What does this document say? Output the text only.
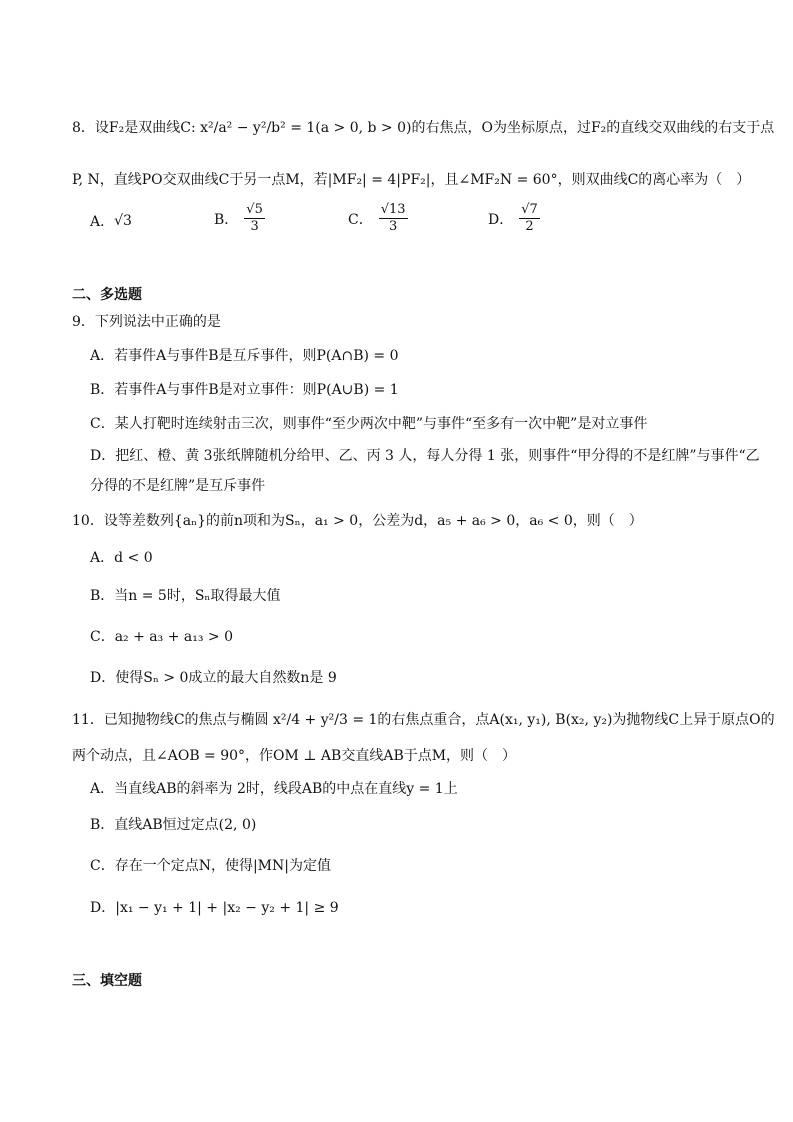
8．设F₂是双曲线C: x²/a² − y²/b² = 1(a > 0, b > 0)的右焦点，O为坐标原点，过F₂的直线交双曲线的右支于点
P, N，直线PO交双曲线C于另一点M，若|MF₂| = 4|PF₂|，且∠MF₂N = 60°，则双曲线C的离心率为（　）
A．√3	B． $\frac{√5}{3}$	C． $\frac{√13}{3}$	D． $\frac{√7}{2}$
二、多选题
9．下列说法中正确的是
A．若事件A与事件B是互斥事件，则P(A∩B) = 0
B．若事件A与事件B是对立事件：则P(A∪B) = 1
C．某人打靶时连续射击三次，则事件“至少两次中靶”与事件“至多有一次中靶”是对立事件
D．把红、橙、黄 3张纸牌随机分给甲、乙、丙 3 人，每人分得 1 张，则事件“甲分得的不是红牌”与事件“乙
分得的不是红牌”是互斥事件
10．设等差数列{aₙ}的前n项和为Sₙ，a₁ > 0，公差为d，a₅ + a₆ > 0，a₆ < 0，则（　）
A．d < 0
B．当n = 5时，Sₙ取得最大值
C．a₂ + a₃ + a₁₃ > 0
D．使得Sₙ > 0成立的最大自然数n是 9
11．已知抛物线C的焦点与椭圆 x²/4 + y²/3 = 1的右焦点重合，点A(x₁, y₁), B(x₂, y₂)为抛物线C上异于原点O的
两个动点，且∠AOB = 90°，作OM ⊥ AB交直线AB于点M，则（　）
A．当直线AB的斜率为 2时，线段AB的中点在直线y = 1上
B．直线AB恒过定点(2, 0)
C．存在一个定点N，使得|MN|为定值
D．|x₁ − y₁ + 1| + |x₂ − y₂ + 1| ≥ 9
三、填空题
